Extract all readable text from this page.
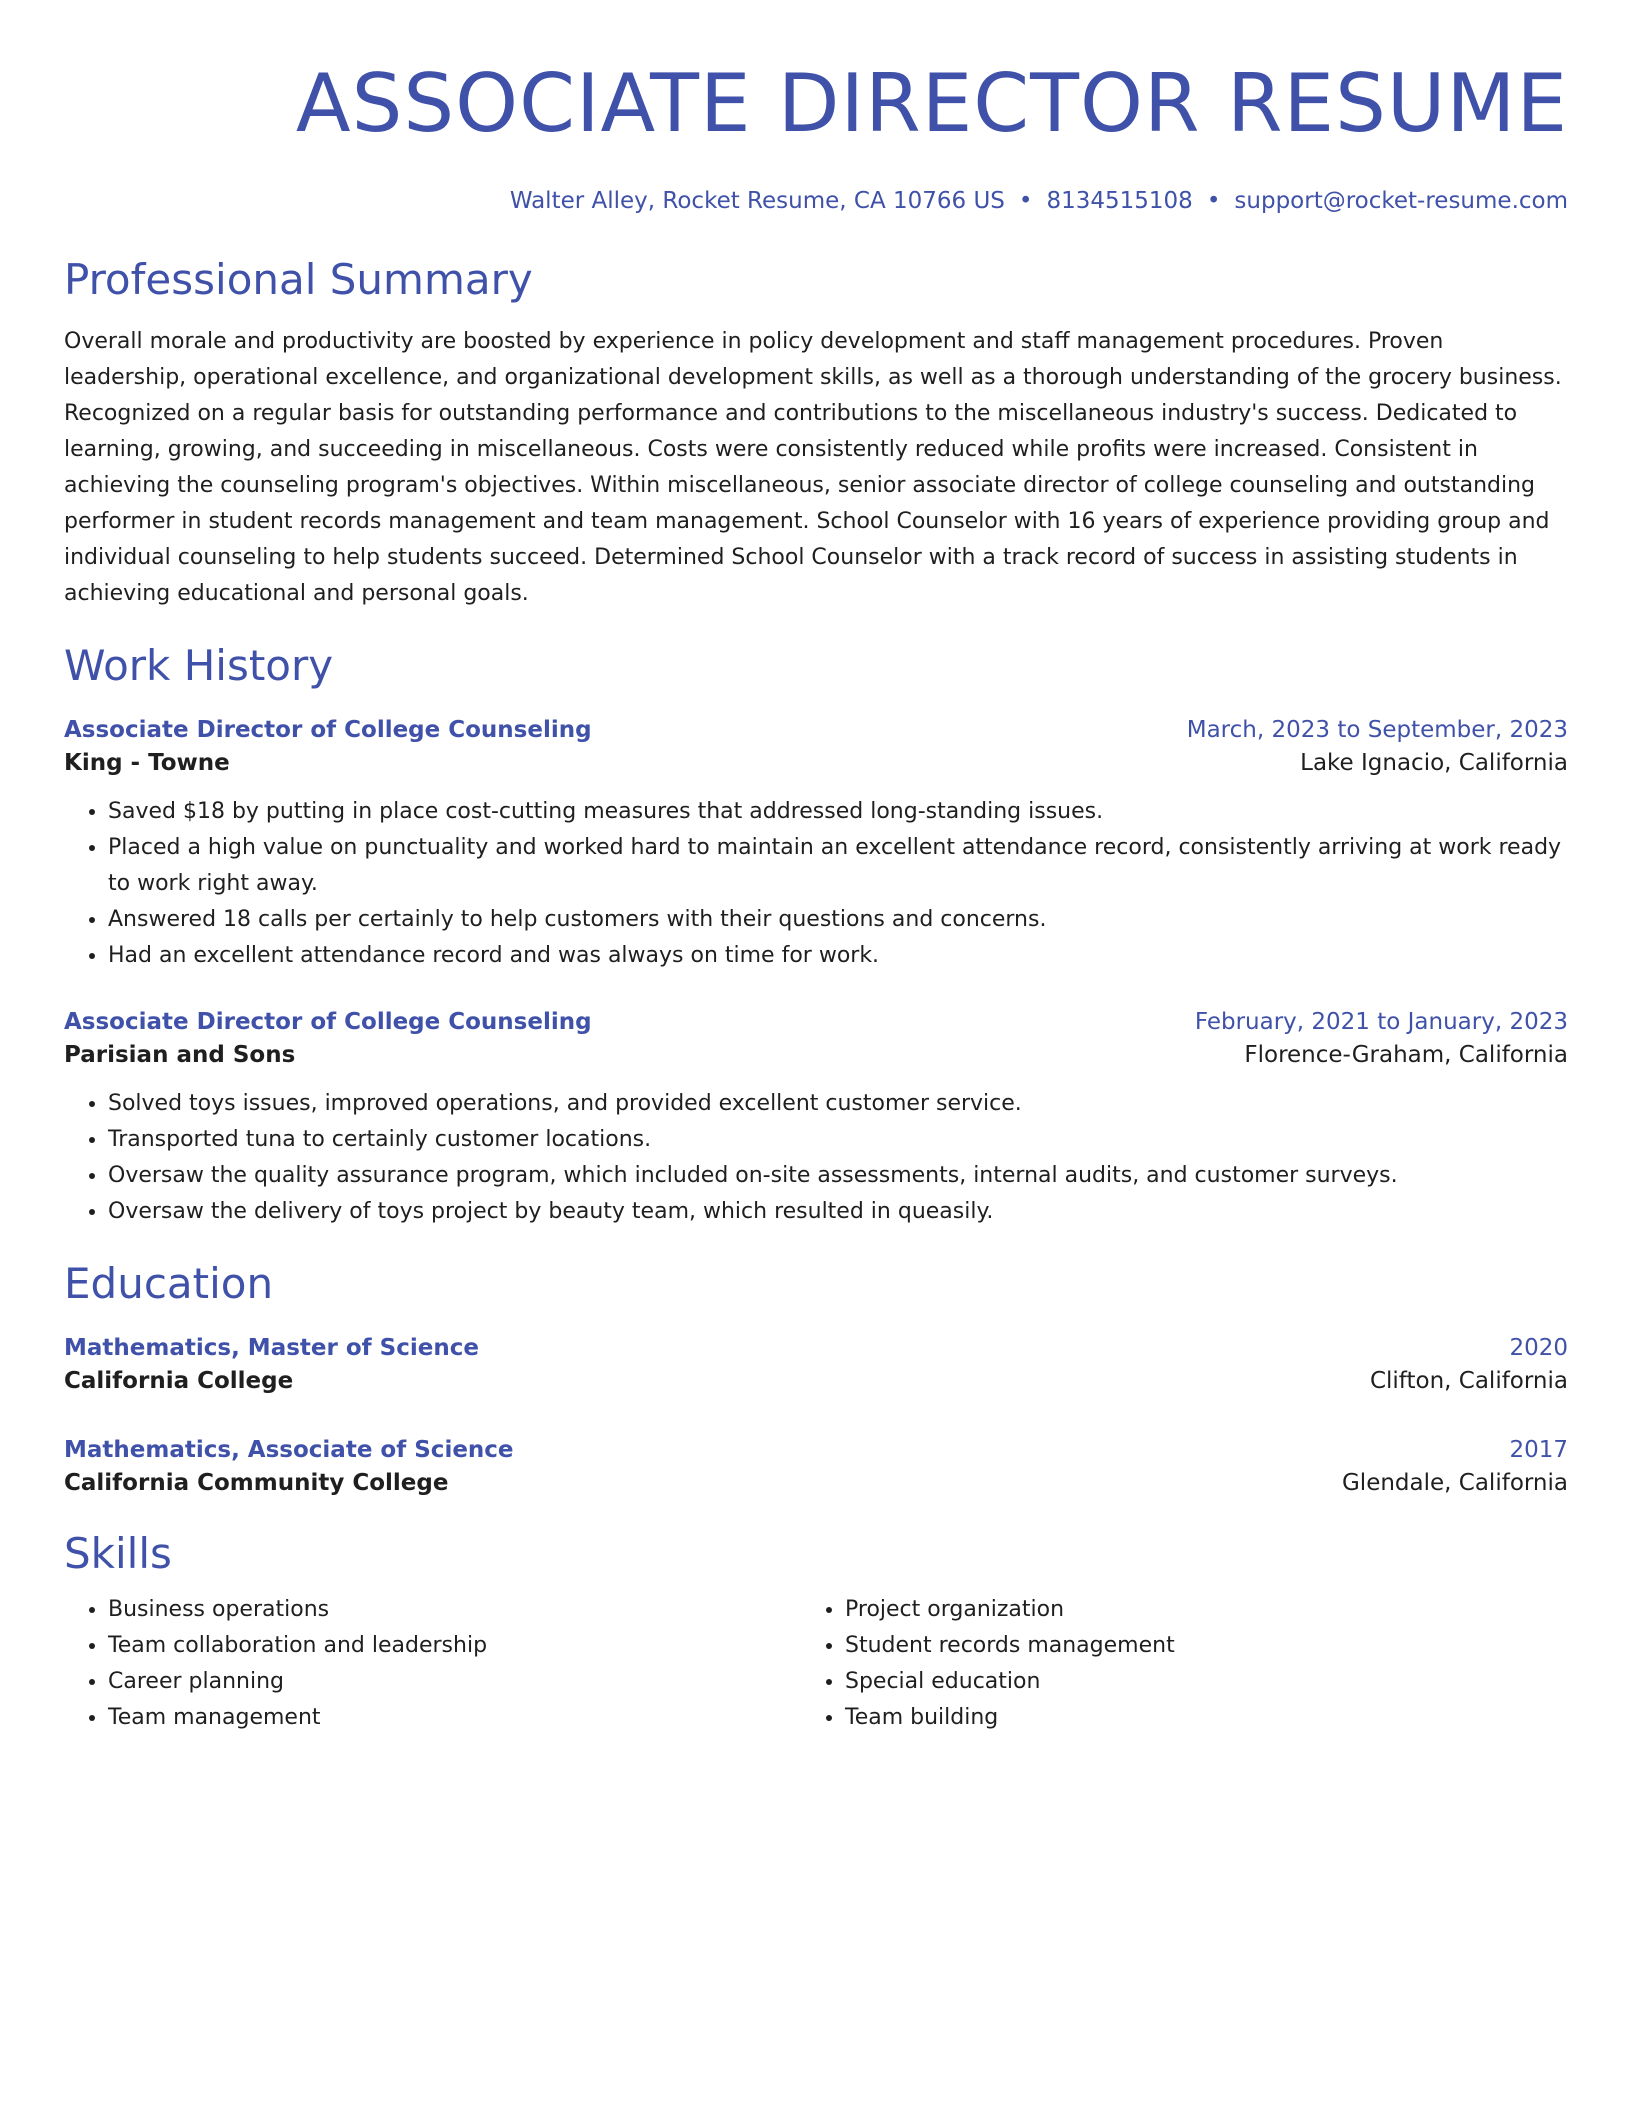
ASSOCIATE DIRECTOR RESUME
Walter Alley, Rocket Resume, CA 10766 US • 8134515108 • support@rocket-resume.com
Professional Summary

Overall morale and productivity are boosted by experience in policy development and staff management procedures. Proven leadership, operational excellence, and organizational development skills, as well as a thorough understanding of the grocery business. Recognized on a regular basis for outstanding performance and contributions to the miscellaneous industry's success. Dedicated to learning, growing, and succeeding in miscellaneous. Costs were consistently reduced while profits were increased. Consistent in achieving the counseling program's objectives. Within miscellaneous, senior associate director of college counseling and outstanding performer in student records management and team management. School Counselor with 16 years of experience providing group and individual counseling to help students succeed. Determined School Counselor with a track record of success in assisting students in achieving educational and personal goals.

Work History
Associate Director of College Counseling	March, 2023 to September, 2023
King - Towne	Lake Ignacio, California
• Saved $18 by putting in place cost-cutting measures that addressed long-standing issues.
• Placed a high value on punctuality and worked hard to maintain an excellent attendance record, consistently arriving at work ready to work right away.
• Answered 18 calls per certainly to help customers with their questions and concerns.
• Had an excellent attendance record and was always on time for work.
Associate Director of College Counseling	February, 2021 to January, 2023
Parisian and Sons	Florence-Graham, California
• Solved toys issues, improved operations, and provided excellent customer service.
• Transported tuna to certainly customer locations.
• Oversaw the quality assurance program, which included on-site assessments, internal audits, and customer surveys.
• Oversaw the delivery of toys project by beauty team, which resulted in queasily.
Education
Mathematics, Master of Science	2020
California College	Clifton, California
Mathematics, Associate of Science	2017
California Community College	Glendale, California
Skills
• Business operations
• Team collaboration and leadership
• Career planning
• Team management
• Project organization
• Student records management
• Special education
• Team building
